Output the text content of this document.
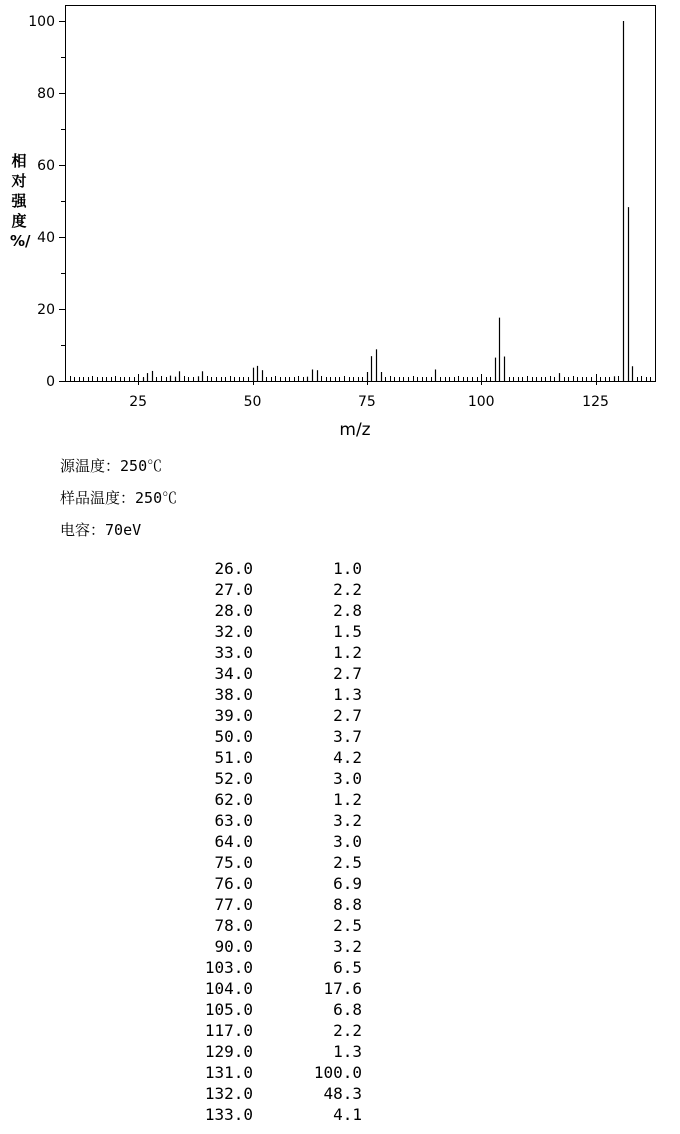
0
20
40
60
80
100
25	50	75	100	125
m/z
相
对
强
度
%/
源温度：250℃
样品温度：250℃
电容：70eV
26.0	1.0
27.0	2.2
28.0	2.8
32.0	1.5
33.0	1.2
34.0	2.7
38.0	1.3
39.0	2.7
50.0	3.7
51.0	4.2
52.0	3.0
62.0	1.2
63.0	3.2
64.0	3.0
75.0	2.5
76.0	6.9
77.0	8.8
78.0	2.5
90.0	3.2
103.0	6.5
104.0	17.6
105.0	6.8
117.0	2.2
129.0	1.3
131.0	100.0
132.0	48.3
133.0	4.1
